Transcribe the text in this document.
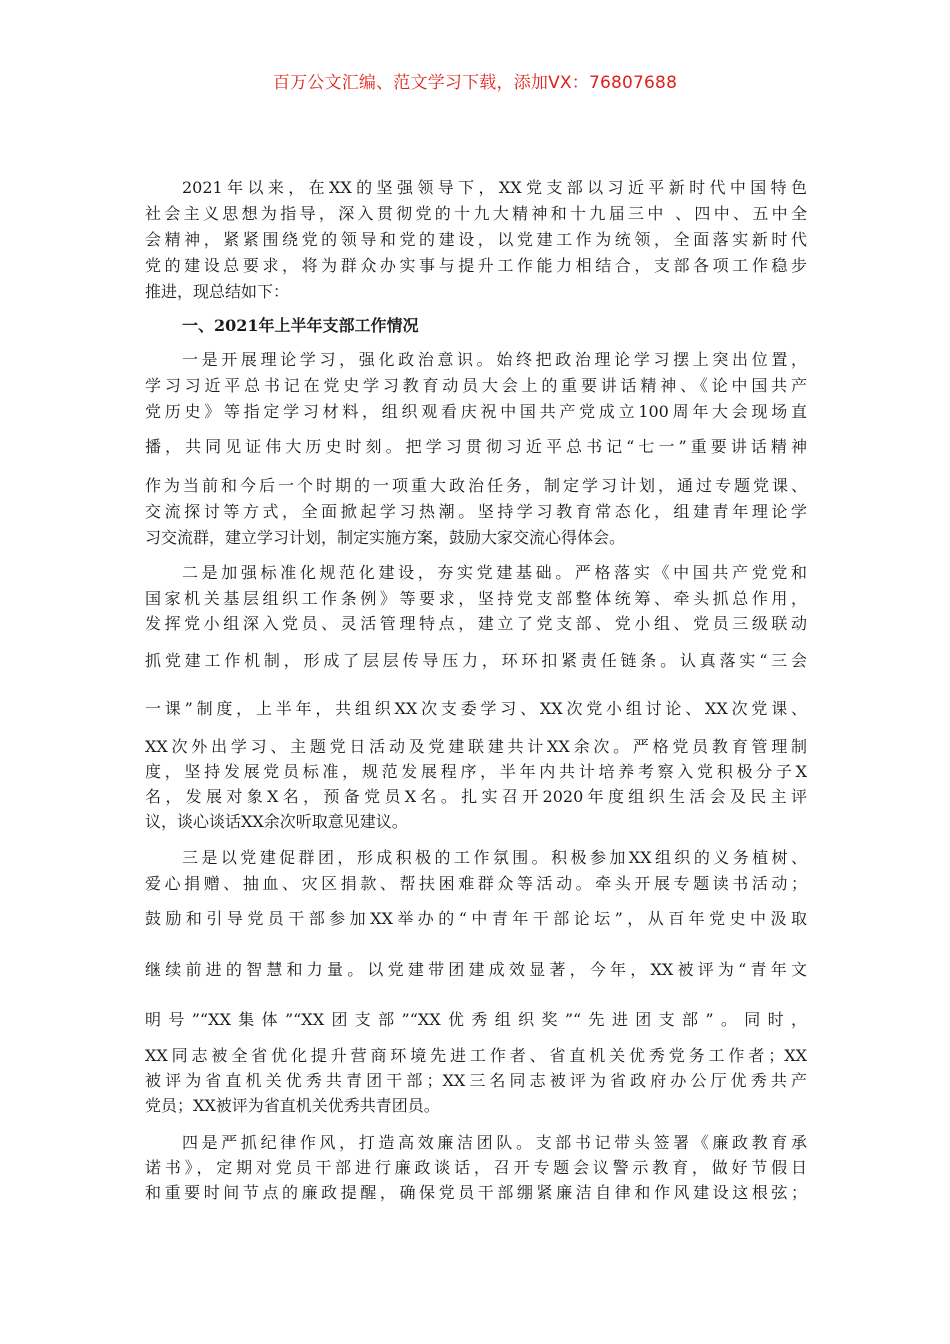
百万公文汇编、范文学习下载，添加VX：76807688
2021年以来，在XX的坚强领导下，XX党支部以习近平新时代中国特色
社会主义思想为指导，深入贯彻党的十九大精神和十九届三中 、四中、五中全
会精神，紧紧围绕党的领导和党的建设，以党建工作为统领，全面落实新时代
党的建设总要求，将为群众办实事与提升工作能力相结合，支部各项工作稳步
推进，现总结如下：
一、2021年上半年支部工作情况
一是开展理论学习，强化政治意识。始终把政治理论学习摆上突出位置，
学习习近平总书记在党史学习教育动员大会上的重要讲话精神、《论中国共产
党历史》等指定学习材料，组织观看庆祝中国共产党成立100周年大会现场直
播，共同见证伟大历史时刻。把学习贯彻习近平总书记“七一”重要讲话精神
作为当前和今后一个时期的一项重大政治任务，制定学习计划，通过专题党课、
交流探讨等方式，全面掀起学习热潮。坚持学习教育常态化，组建青年理论学
习交流群，建立学习计划，制定实施方案，鼓励大家交流心得体会。
二是加强标准化规范化建设，夯实党建基础。严格落实《中国共产党党和
国家机关基层组织工作条例》等要求，坚持党支部整体统筹、牵头抓总作用，
发挥党小组深入党员、灵活管理特点，建立了党支部、党小组、党员三级联动
抓党建工作机制，形成了层层传导压力，环环扣紧责任链条。认真落实“三会
一课”制度，上半年，共组织XX次支委学习、XX次党小组讨论、XX次党课、
XX次外出学习、主题党日活动及党建联建共计XX余次。严格党员教育管理制
度，坚持发展党员标准，规范发展程序，半年内共计培养考察入党积极分子X
名，发展对象X名，预备党员X名。扎实召开2020年度组织生活会及民主评
议，谈心谈话XX余次听取意见建议。
三是以党建促群团，形成积极的工作氛围。积极参加XX组织的义务植树、
爱心捐赠、抽血、灾区捐款、帮扶困难群众等活动。牵头开展专题读书活动；
鼓励和引导党员干部参加XX举办的“中青年干部论坛”，从百年党史中汲取
继续前进的智慧和力量。以党建带团建成效显著，今年，XX被评为“青年文
明号”“XX集体”“XX团支部”“XX优秀组织奖”“先进团支部”。同时，
XX同志被全省优化提升营商环境先进工作者、省直机关优秀党务工作者；XX
被评为省直机关优秀共青团干部；XX三名同志被评为省政府办公厅优秀共产
党员；XX被评为省直机关优秀共青团员。
四是严抓纪律作风，打造高效廉洁团队。支部书记带头签署《廉政教育承
诺书》，定期对党员干部进行廉政谈话，召开专题会议警示教育，做好节假日
和重要时间节点的廉政提醒，确保党员干部绷紧廉洁自律和作风建设这根弦；
